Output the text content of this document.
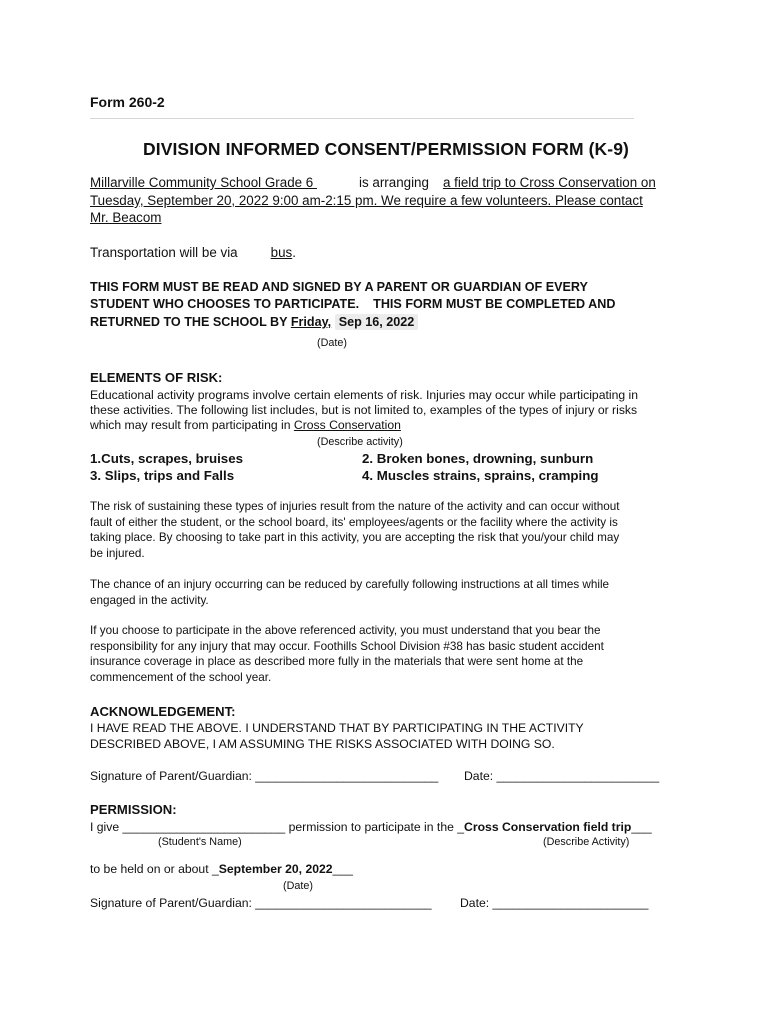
Form 260-2
DIVISION INFORMED CONSENT/PERMISSION FORM (K-9)
Millarville Community School Grade 6	is arranging a field trip to Cross Conservation on
Tuesday, September 20, 2022 9:00 am-2:15 pm. We require a few volunteers. Please contact
Mr. Beacom
Transportation will be via bus.
THIS FORM MUST BE READ AND SIGNED BY A PARENT OR GUARDIAN OF EVERY
STUDENT WHO CHOOSES TO PARTICIPATE.    THIS FORM MUST BE COMPLETED AND
RETURNED TO THE SCHOOL BY Friday, Sep 16, 2022
(Date)
ELEMENTS OF RISK:
Educational activity programs involve certain elements of risk. Injuries may occur while participating in
these activities. The following list includes, but is not limited to, examples of the types of injury or risks
which may result from participating in Cross Conservation
(Describe activity)
1.Cuts, scrapes, bruises	2. Broken bones, drowning, sunburn
3. Slips, trips and Falls	4. Muscles strains, sprains, cramping
The risk of sustaining these types of injuries result from the nature of the activity and can occur without
fault of either the student, or the school board, its' employees/agents or the facility where the activity is
taking place. By choosing to take part in this activity, you are accepting the risk that you/your child may
be injured.
The chance of an injury occurring can be reduced by carefully following instructions at all times while
engaged in the activity.
If you choose to participate in the above referenced activity, you must understand that you bear the
responsibility for any injury that may occur. Foothills School Division #38 has basic student accident
insurance coverage in place as described more fully in the materials that were sent home at the
commencement of the school year.
ACKNOWLEDGEMENT:
I HAVE READ THE ABOVE. I UNDERSTAND THAT BY PARTICIPATING IN THE ACTIVITY
DESCRIBED ABOVE, I AM ASSUMING THE RISKS ASSOCIATED WITH DOING SO.
Signature of Parent/Guardian: ___________________________ Date: ________________________
PERMISSION:
I give ________________________ permission to participate in the _Cross Conservation field trip___
(Student's Name)	(Describe Activity)
to be held on or about _September 20, 2022___
(Date)
Signature of Parent/Guardian: __________________________ Date: _______________________
